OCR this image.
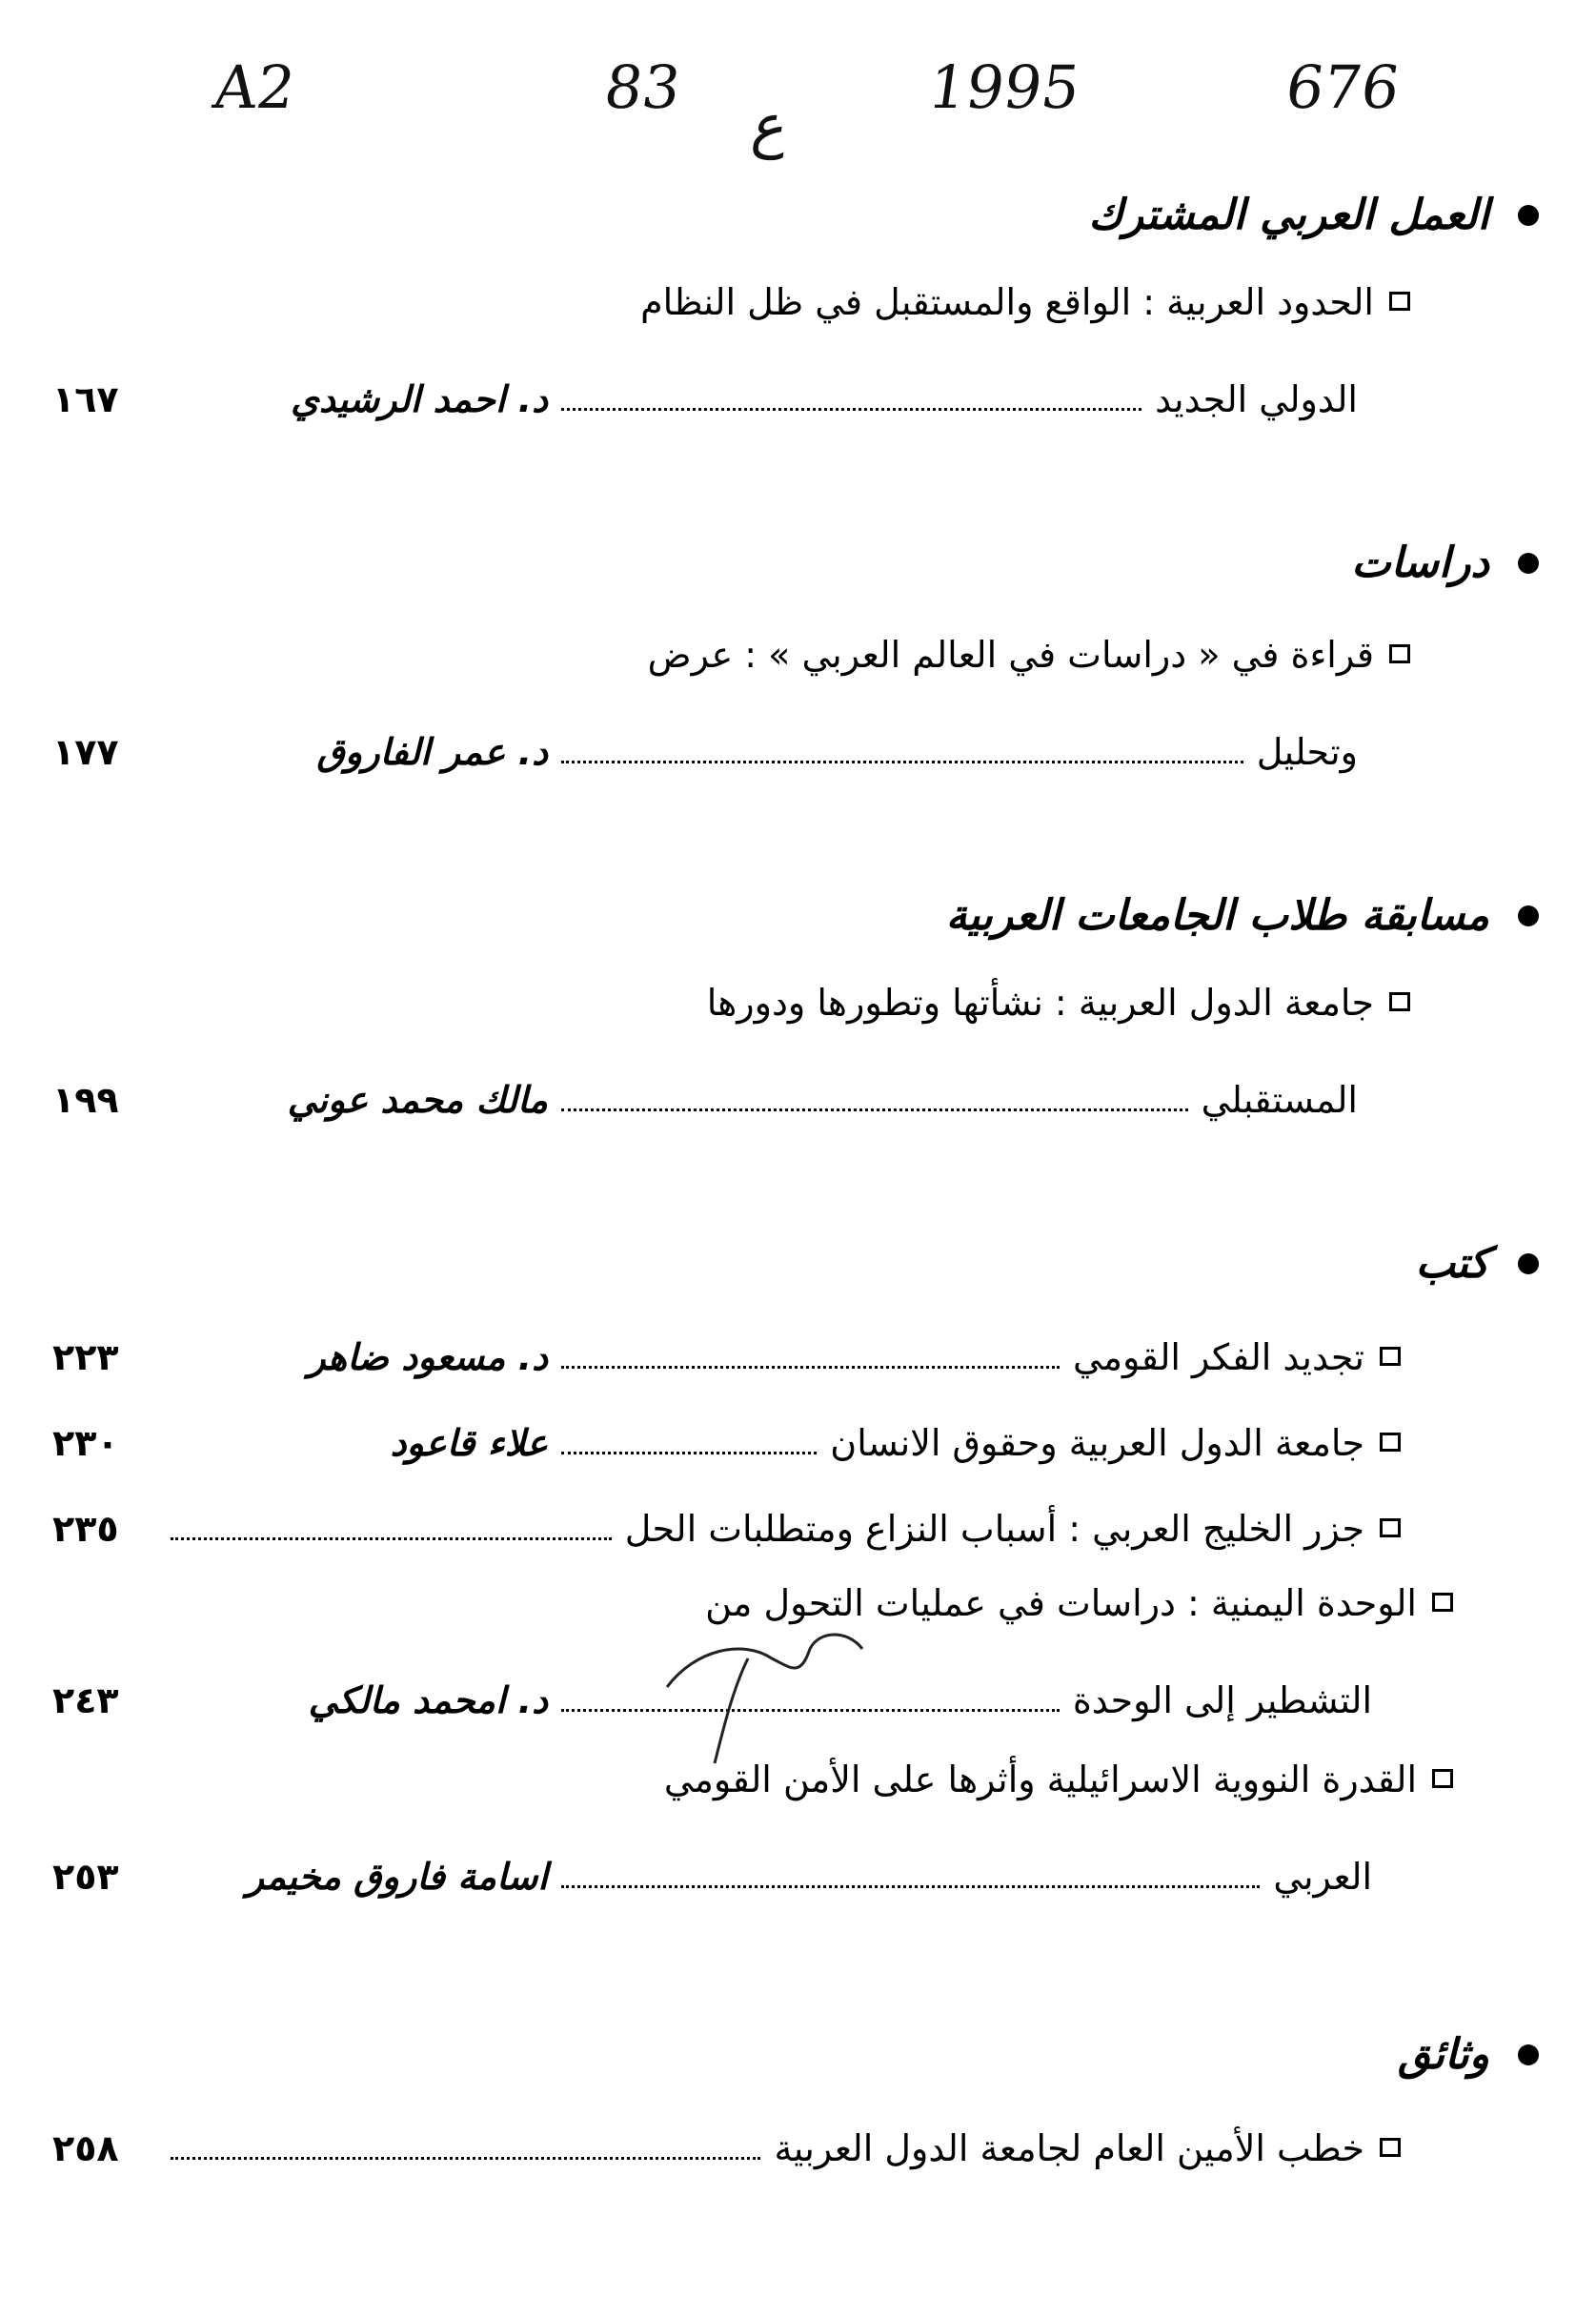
A2	83
ع
1995	676
العمل العربي المشترك
الحدود العربية : الواقع والمستقبل في ظل النظام
الدولي الجديد
د. احمد الرشيدي
١٦٧
دراسات
قراءة في « دراسات في العالم العربي » : عرض
وتحليل
د. عمر الفاروق
١٧٧
مسابقة طلاب الجامعات العربية
جامعة الدول العربية : نشأتها وتطورها ودورها
المستقبلي
مالك محمد عوني
١٩٩
كتب
تجديد الفكر القومي
د. مسعود ضاهر
٢٢٣
جامعة الدول العربية وحقوق الانسان
علاء قاعود
٢٣٠
جزر الخليج العربي : أسباب النزاع ومتطلبات الحل
٢٣٥
الوحدة اليمنية : دراسات في عمليات التحول من
التشطير إلى الوحدة
د. امحمد مالكي
٢٤٣
القدرة النووية الاسرائيلية وأثرها على الأمن القومي
العربي
اسامة فاروق مخيمر
٢٥٣
وثائق
خطب الأمين العام لجامعة الدول العربية
٢٥٨
